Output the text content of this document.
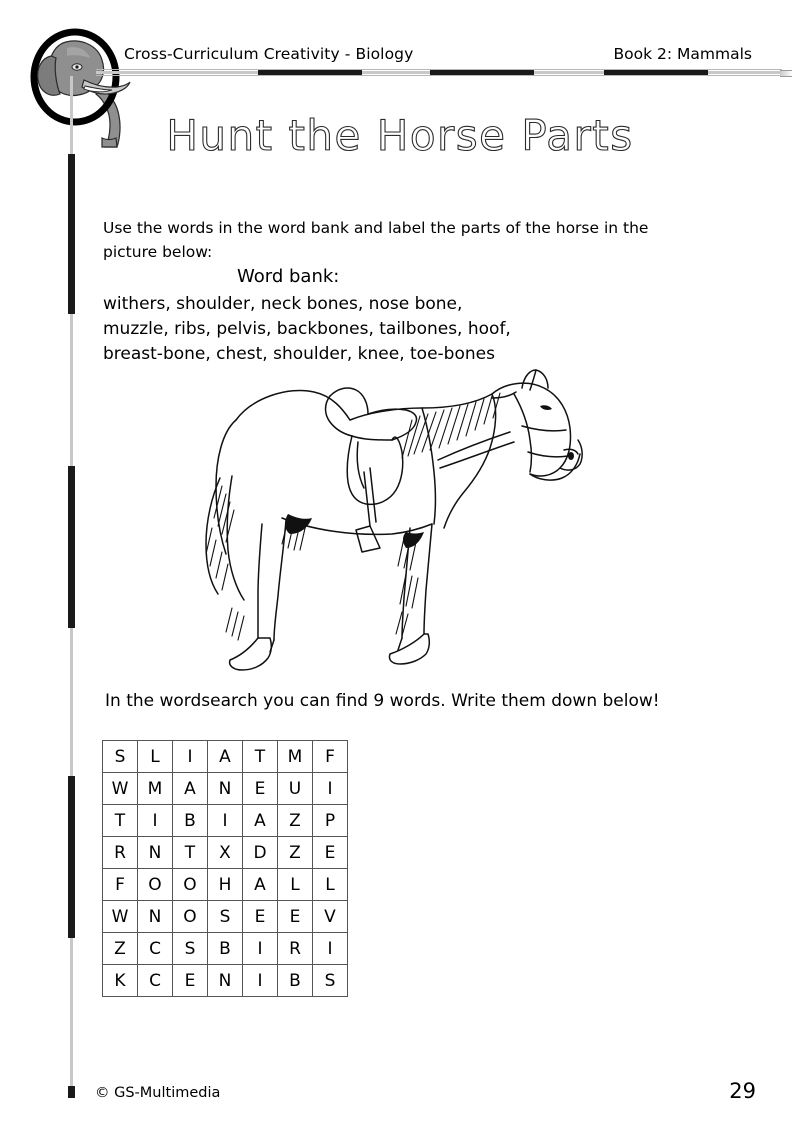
Cross-Curriculum Creativity - Biology	Book 2: Mammals
Hunt the Horse Parts
Use the words in the word bank and label the parts of the horse in the picture below:
Word bank:
withers, shoulder, neck bones, nose bone,
muzzle, ribs, pelvis, backbones, tailbones, hoof,
breast-bone, chest, shoulder, knee, toe-bones
In the wordsearch you can find 9 words. Write them down below!
S	L	I	A	T	M	F
W	M	A	N	E	U	I
T	I	B	I	A	Z	P
R	N	T	X	D	Z	E
F	O	O	H	A	L	L
W	N	O	S	E	E	V
Z	C	S	B	I	R	I
K	C	E	N	I	B	S
© GS-Multimedia	29
